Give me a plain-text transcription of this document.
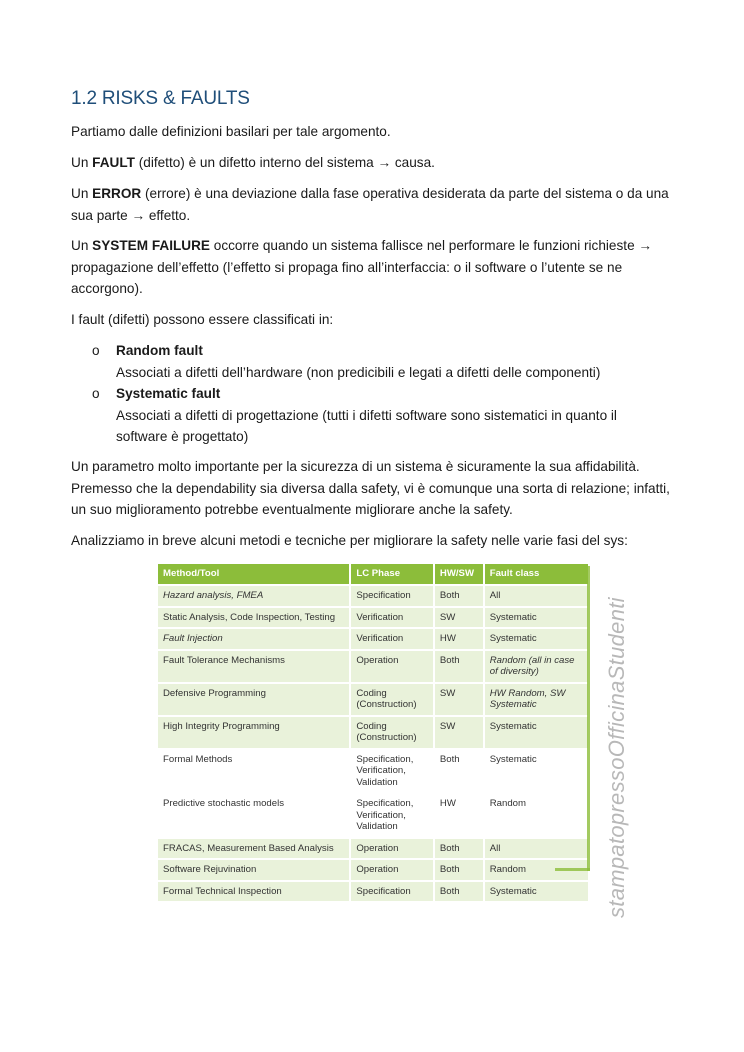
1.2 RISKS & FAULTS
Partiamo dalle definizioni basilari per tale argomento.
Un FAULT (difetto) è un difetto interno del sistema → causa.
Un ERROR (errore) è una deviazione dalla fase operativa desiderata da parte del sistema o da una sua parte → effetto.
Un SYSTEM FAILURE occorre quando un sistema fallisce nel performare le funzioni richieste → propagazione dell’effetto (l’effetto si propaga fino all’interfaccia: o il software o l’utente se ne accorgono).
I fault (difetti) possono essere classificati in:
o Random fault
Associati a difetti dell’hardware (non predicibili e legati a difetti delle componenti)
o Systematic fault
Associati a difetti di progettazione (tutti i difetti software sono sistematici in quanto il software è progettato)
Un parametro molto importante per la sicurezza di un sistema è sicuramente la sua affidabilità. Premesso che la dependability sia diversa dalla safety, vi è comunque una sorta di relazione; infatti, un suo miglioramento potrebbe eventualmente migliorare anche la safety.
Analizziamo in breve alcuni metodi e tecniche per migliorare la safety nelle varie fasi del sys:
Method/Tool	LC Phase	HW/SW	Fault class
Hazard analysis, FMEA	Specification	Both	All
Static Analysis, Code Inspection, Testing	Verification	SW	Systematic
Fault Injection	Verification	HW	Systematic
Fault Tolerance Mechanisms	Operation	Both	Random (all in case of diversity)
Defensive Programming	Coding (Construction)	SW	HW Random, SW Systematic
High Integrity Programming	Coding (Construction)	SW	Systematic
Formal Methods	Specification, Verification, Validation	Both	Systematic
Predictive stochastic models	Specification, Verification, Validation	HW	Random
FRACAS, Measurement Based Analysis	Operation	Both	All
Software Rejuvination	Operation	Both	Random
Formal Technical Inspection	Specification	Both	Systematic	stampatopressoOfficinaStudenti
